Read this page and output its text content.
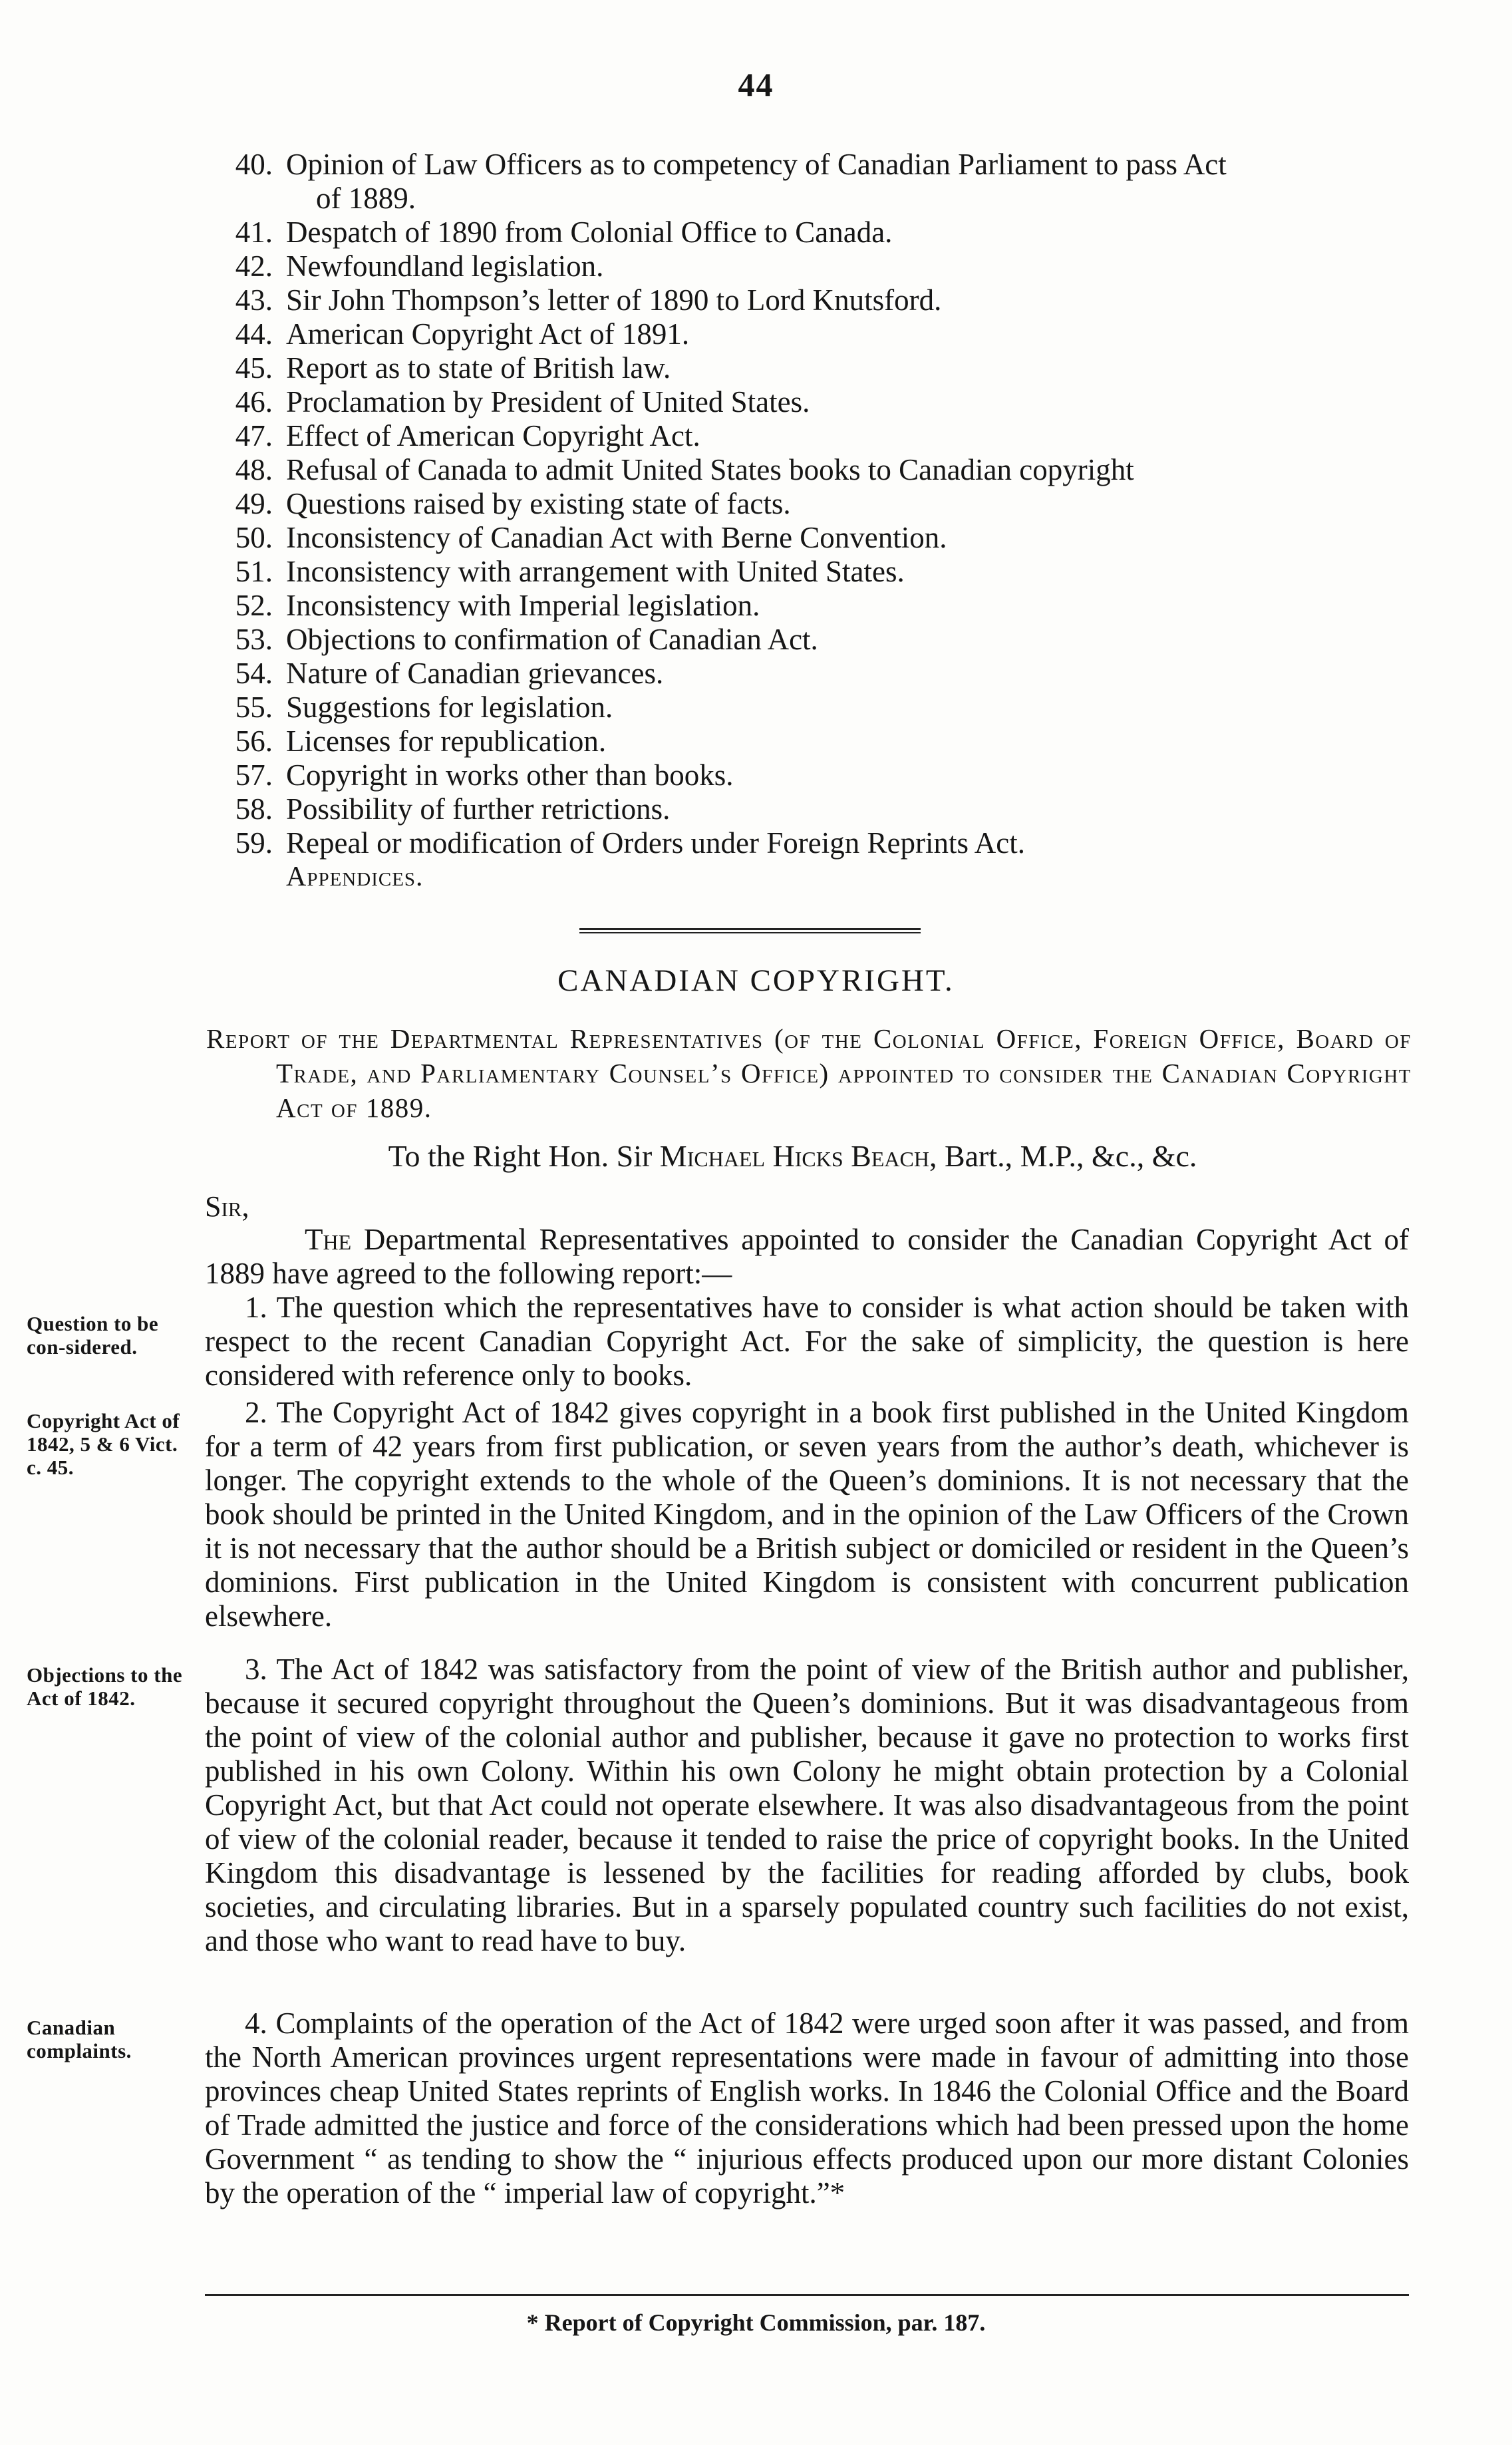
44
40. Opinion of Law Officers as to competency of Canadian Parliament to pass Act
of 1889.
41. Despatch of 1890 from Colonial Office to Canada.
42. Newfoundland legislation.
43. Sir John Thompson’s letter of 1890 to Lord Knutsford.
44. American Copyright Act of 1891.
45. Report as to state of British law.
46. Proclamation by President of United States.
47. Effect of American Copyright Act.
48. Refusal of Canada to admit United States books to Canadian copyright
49. Questions raised by existing state of facts.
50. Inconsistency of Canadian Act with Berne Convention.
51. Inconsistency with arrangement with United States.
52. Inconsistency with Imperial legislation.
53. Objections to confirmation of Canadian Act.
54. Nature of Canadian grievances.
55. Suggestions for legislation.
56. Licenses for republication.
57. Copyright in works other than books.
58. Possibility of further retrictions.
59. Repeal or modification of Orders under Foreign Reprints Act.
Appendices.
CANADIAN COPYRIGHT.
Report of the Departmental Representatives (of the Colonial Office, Foreign Office, Board of Trade, and Parliamentary Counsel’s Office) appointed to consider the Canadian Copyright Act of 1889.
To the Right Hon. Sir Michael Hicks Beach, Bart., M.P., &c., &c.
Sir,

The Departmental Representatives appointed to consider the Canadian Copyright Act of 1889 have agreed to the following report:—

Question to be con-sidered.

1. The question which the representatives have to consider is what action should be taken with respect to the recent Canadian Copyright Act. For the sake of simplicity, the question is here considered with reference only to books.

Copyright Act of 1842, 5 & 6 Vict. c. 45.

2. The Copyright Act of 1842 gives copyright in a book first published in the United Kingdom for a term of 42 years from first publication, or seven years from the author’s death, whichever is longer. The copyright extends to the whole of the Queen’s dominions. It is not necessary that the book should be printed in the United Kingdom, and in the opinion of the Law Officers of the Crown it is not necessary that the author should be a British subject or domiciled or resident in the Queen’s dominions. First publication in the United Kingdom is consistent with concurrent publication elsewhere.

Objections to the Act of 1842.

3. The Act of 1842 was satisfactory from the point of view of the British author and publisher, because it secured copyright throughout the Queen’s dominions. But it was disadvantageous from the point of view of the colonial author and publisher, because it gave no protection to works first published in his own Colony. Within his own Colony he might obtain protection by a Colonial Copyright Act, but that Act could not operate elsewhere. It was also disadvantageous from the point of view of the colonial reader, because it tended to raise the price of copyright books. In the United Kingdom this disadvantage is lessened by the facilities for reading afforded by clubs, book societies, and circulating libraries. But in a sparsely populated country such facilities do not exist, and those who want to read have to buy.

Canadian complaints.

4. Complaints of the operation of the Act of 1842 were urged soon after it was passed, and from the North American provinces urgent representations were made in favour of admitting into those provinces cheap United States reprints of English works. In 1846 the Colonial Office and the Board of Trade admitted the justice and force of the considerations which had been pressed upon the home Government “ as tending to show the “ injurious effects produced upon our more distant Colonies by the operation of the “ imperial law of copyright.”*

* Report of Copyright Commission, par. 187.
